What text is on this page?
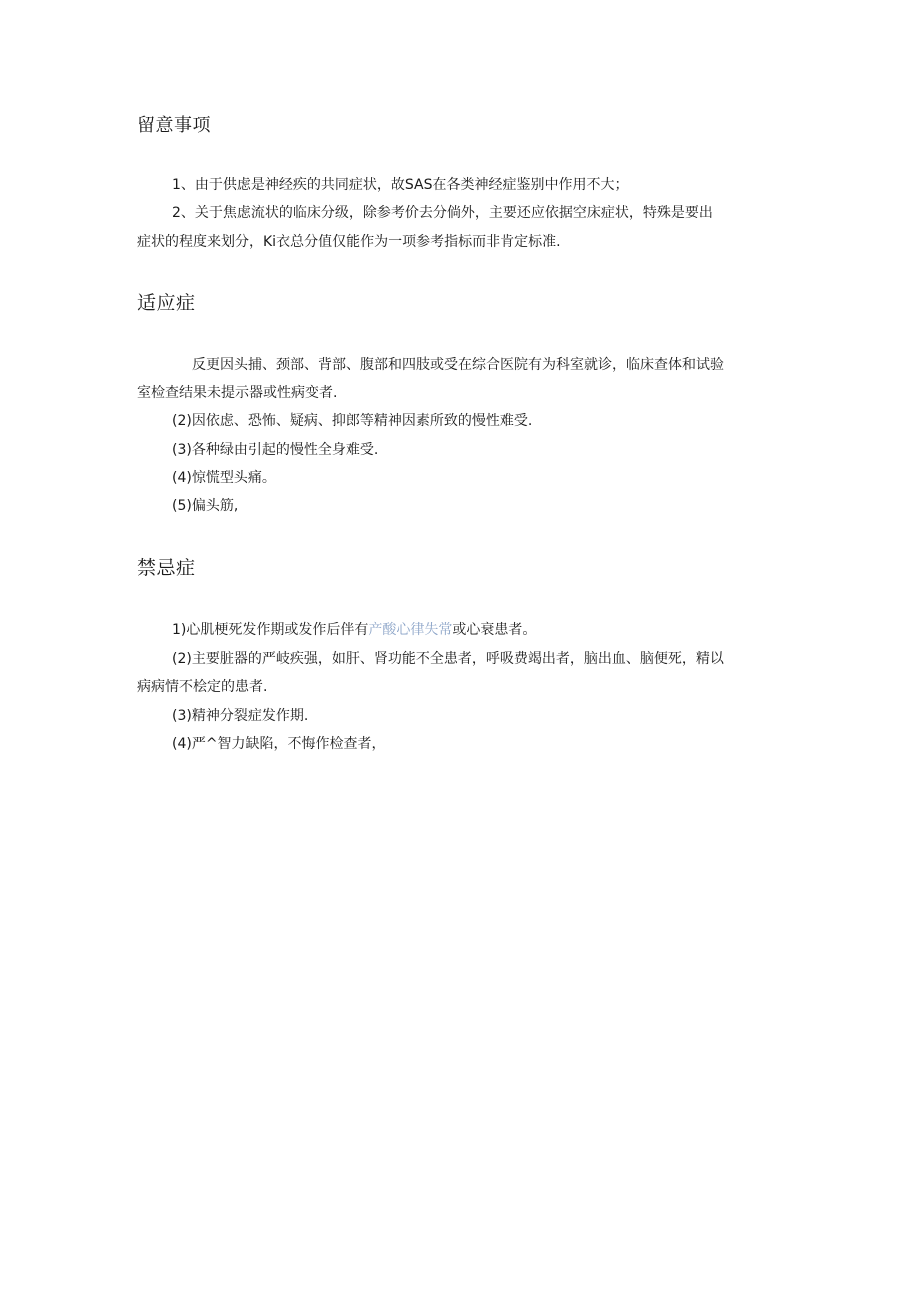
留意事项
1、由于供虑是神经疾的共同症状，故SAS在各类神经症鉴别中作用不大；
2、关于焦虑流状的临床分级，除参考价去分倘外，主要还应依据空床症状，特殊是要出
症状的程度来划分，Ki衣总分值仅能作为一项参考指标而非肯定标准.
适应症
反更因头捕、颈部、背部、腹部和四肢或受在综合医院有为科室就诊，临床查体和试验
室检查结果未提示器或性病变者.
(2)因依虑、恐怖、疑病、抑郎等精神因素所致的慢性难受.
(3)各种绿由引起的慢性全身难受.
(4)惊慌型头痛。
(5)偏头筋,
禁忌症
1)心肌梗死发作期或发作后伴有产酸心律失常或心衰患者。
(2)主要脏器的严岐疾强，如肝、肾功能不全患者，呼吸费竭出者，脑出血、脑便死，精以
病病情不桧定的患者.
(3)精神分裂症发作期.
(4)严^智力缺陷，不悔作检查者，
